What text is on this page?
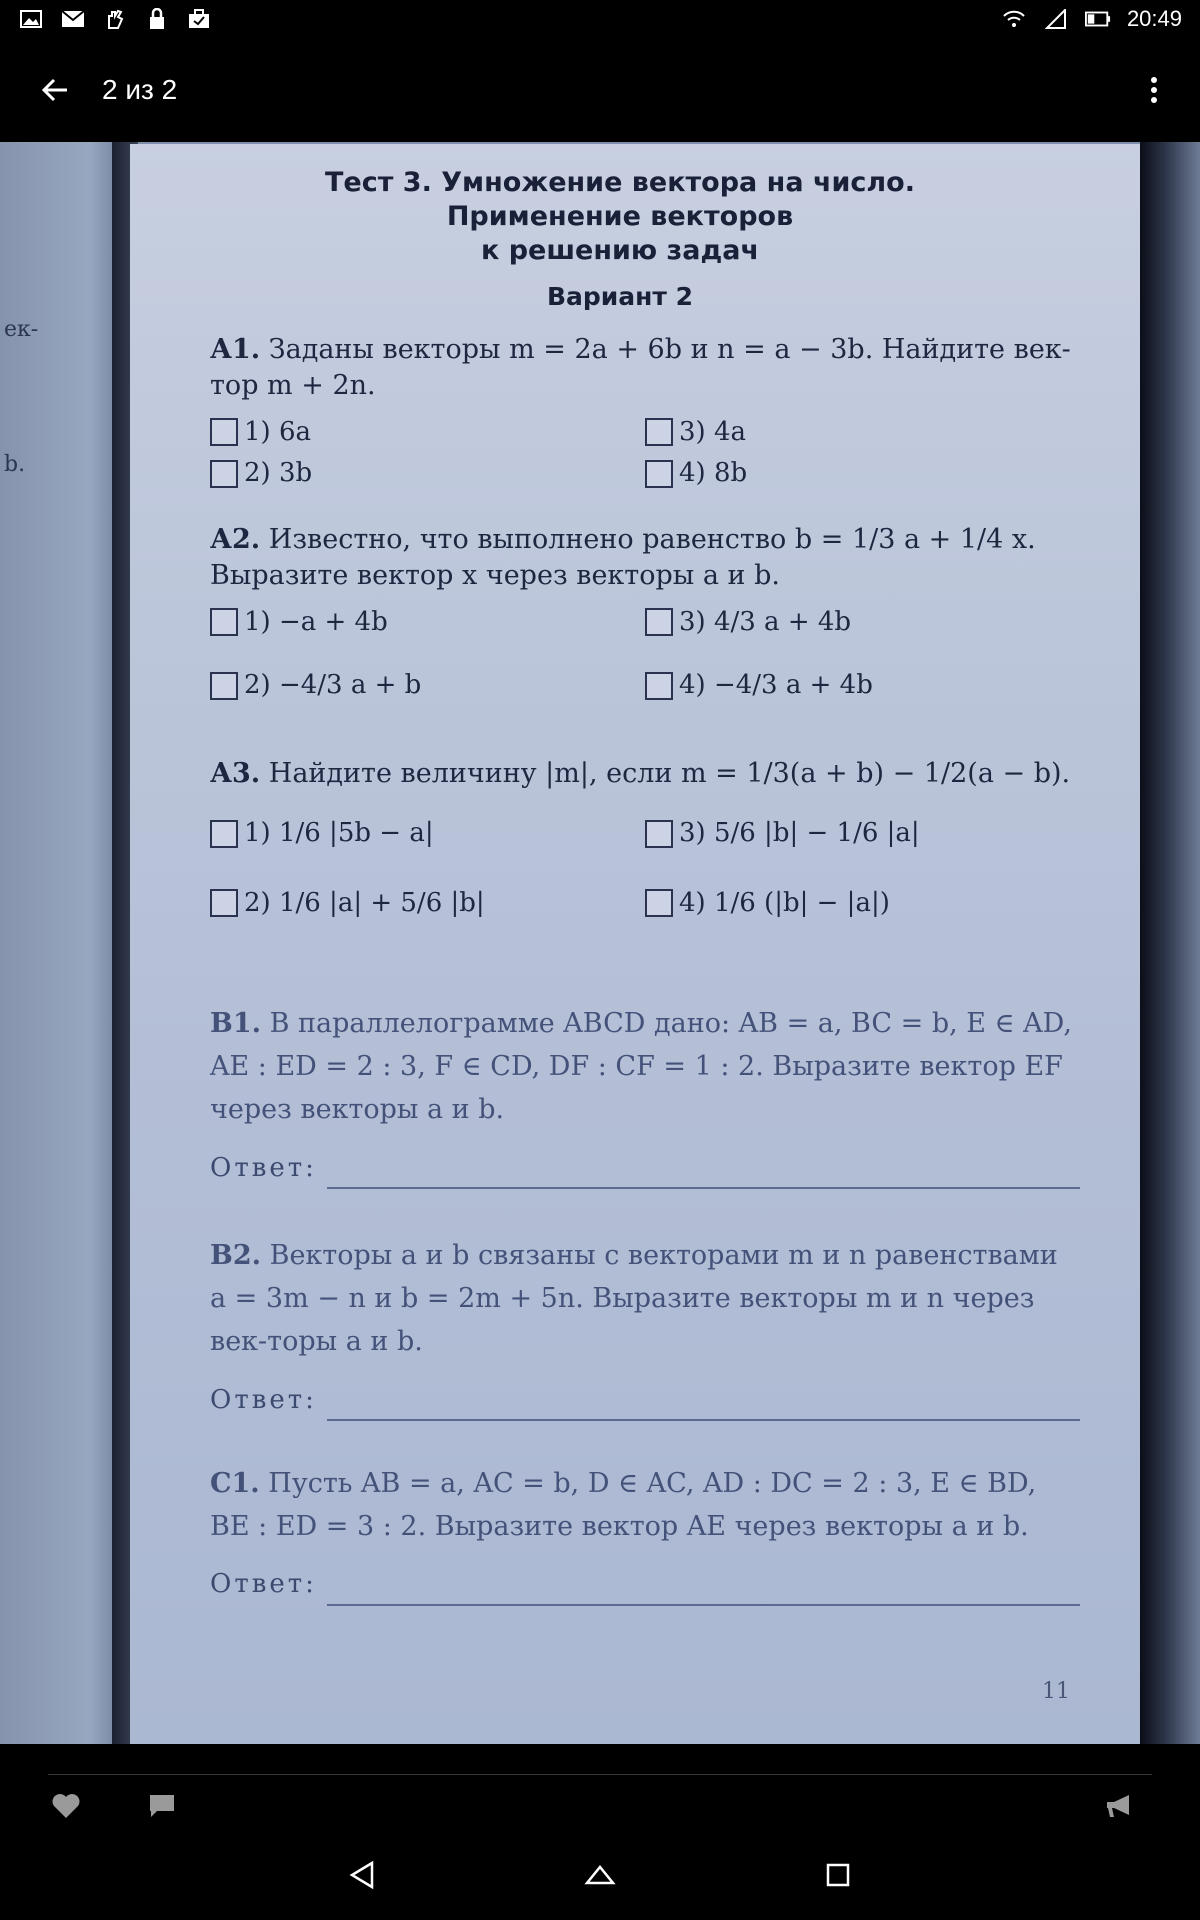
20:49
2 из 2
ек-
b.
Тест 3. Умножение вектора на число.
Применение векторов
к решению задач
Вариант 2
А1. Заданы векторы m = 2a + 6b и n = a − 3b. Найдите век-тор m + 2n.
1) 6a	3) 4a
2) 3b	4) 8b
А2. Известно, что выполнено равенство b = 1/3 a + 1/4 x. Выразите вектор x через векторы a и b.
1) −a + 4b	3) 4/3 a + 4b
2) −4/3 a + b	4) −4/3 a + 4b
А3. Найдите величину |m|, если m = 1/3(a + b) − 1/2(a − b).
1) 1/6 |5b − a|	3) 5/6 |b| − 1/6 |a|
2) 1/6 |a| + 5/6 |b|	4) 1/6 (|b| − |a|)
В1. В параллелограмме ABCD дано: AB = a, BC = b, E ∈ AD, AE : ED = 2 : 3, F ∈ CD, DF : CF = 1 : 2. Выразите вектор EF через векторы a и b.
Ответ:
В2. Векторы a и b связаны с векторами m и n равенствами a = 3m − n и b = 2m + 5n. Выразите векторы m и n через век-торы a и b.
Ответ:
С1. Пусть AB = a, AC = b, D ∈ AC, AD : DC = 2 : 3, E ∈ BD, BE : ED = 3 : 2. Выразите вектор AE через векторы a и b.
Ответ:
11
